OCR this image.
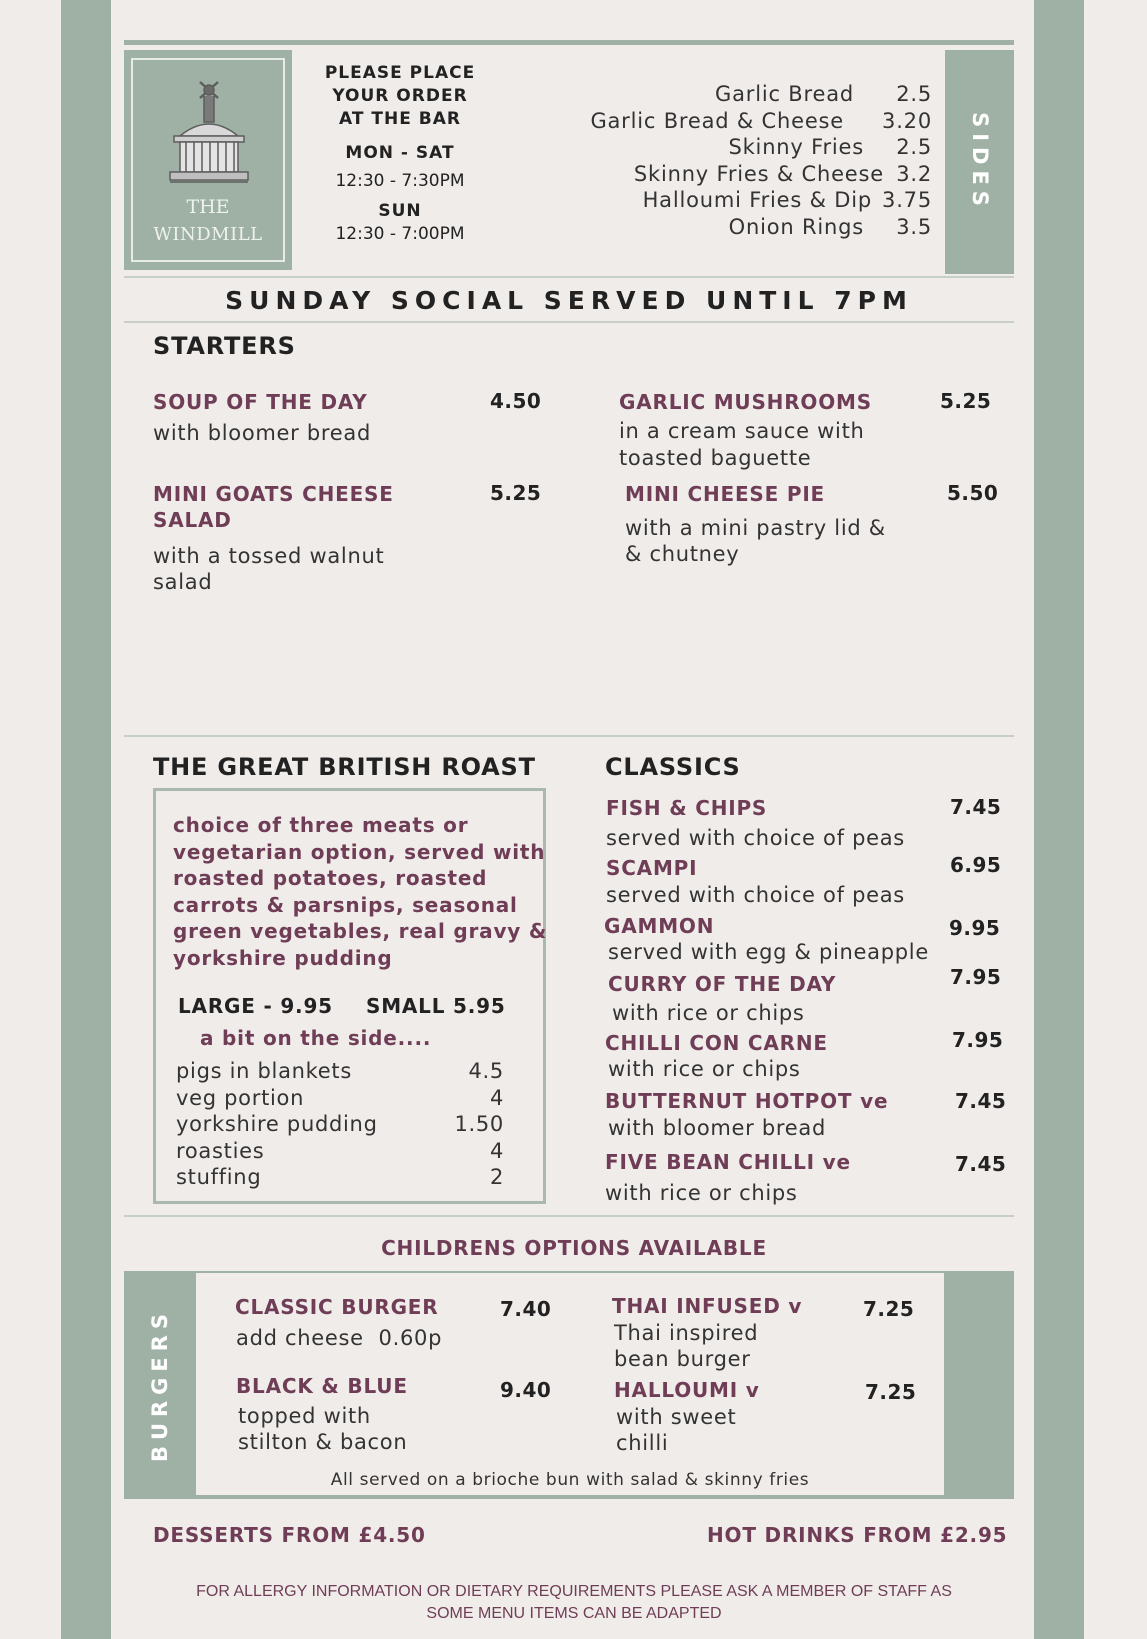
THE
WINDMILL
PLEASE PLACE
YOUR ORDER
AT THE BAR
MON - SAT
12:30 - 7:30PM
SUN
12:30 - 7:00PM
Garlic Bread 2.5
Garlic Bread & Cheese 3.20
Skinny Fries 2.5
Skinny Fries & Cheese 3.2
Halloumi Fries & Dip 3.75
Onion Rings 3.5
SIDES
SUNDAY SOCIAL SERVED UNTIL 7PM
STARTERS
SOUP OF THE DAY	4.50
with bloomer bread
GARLIC MUSHROOMS	5.25
in a cream sauce with
toasted baguette
MINI GOATS CHEESE
SALAD
5.25
with a tossed walnut
salad
MINI CHEESE PIE	5.50
with a mini pastry lid &
& chutney
THE GREAT BRITISH ROAST
choice of three meats or
vegetarian option, served with
roasted potatoes, roasted
carrots & parsnips, seasonal
green vegetables, real gravy &
yorkshire pudding
LARGE - 9.95 SMALL 5.95
a bit on the side....
pigs in blankets	4.5
veg portion	4
yorkshire pudding	1.50
roasties	4
stuffing	2
CLASSICS
FISH & CHIPS
served with choice of peas
7.45
SCAMPI
served with choice of peas
6.95
GAMMON
served with egg & pineapple
9.95
CURRY OF THE DAY
with rice or chips
7.95
CHILLI CON CARNE
with rice or chips
7.95
BUTTERNUT HOTPOT ve
with bloomer bread
7.45
FIVE BEAN CHILLI ve
with rice or chips
7.45
CHILDRENS OPTIONS AVAILABLE
BURGERS
CLASSIC BURGER	7.40
add cheese  0.60p
THAI INFUSED v	7.25
Thai inspired
bean burger
BLACK & BLUE	9.40
topped with
stilton & bacon
HALLOUMI v	7.25
with sweet
chilli
All served on a brioche bun with salad & skinny fries
DESSERTS FROM £4.50	HOT DRINKS FROM £2.95
FOR ALLERGY INFORMATION OR DIETARY REQUIREMENTS PLEASE ASK A MEMBER OF STAFF AS
SOME MENU ITEMS CAN BE ADAPTED
